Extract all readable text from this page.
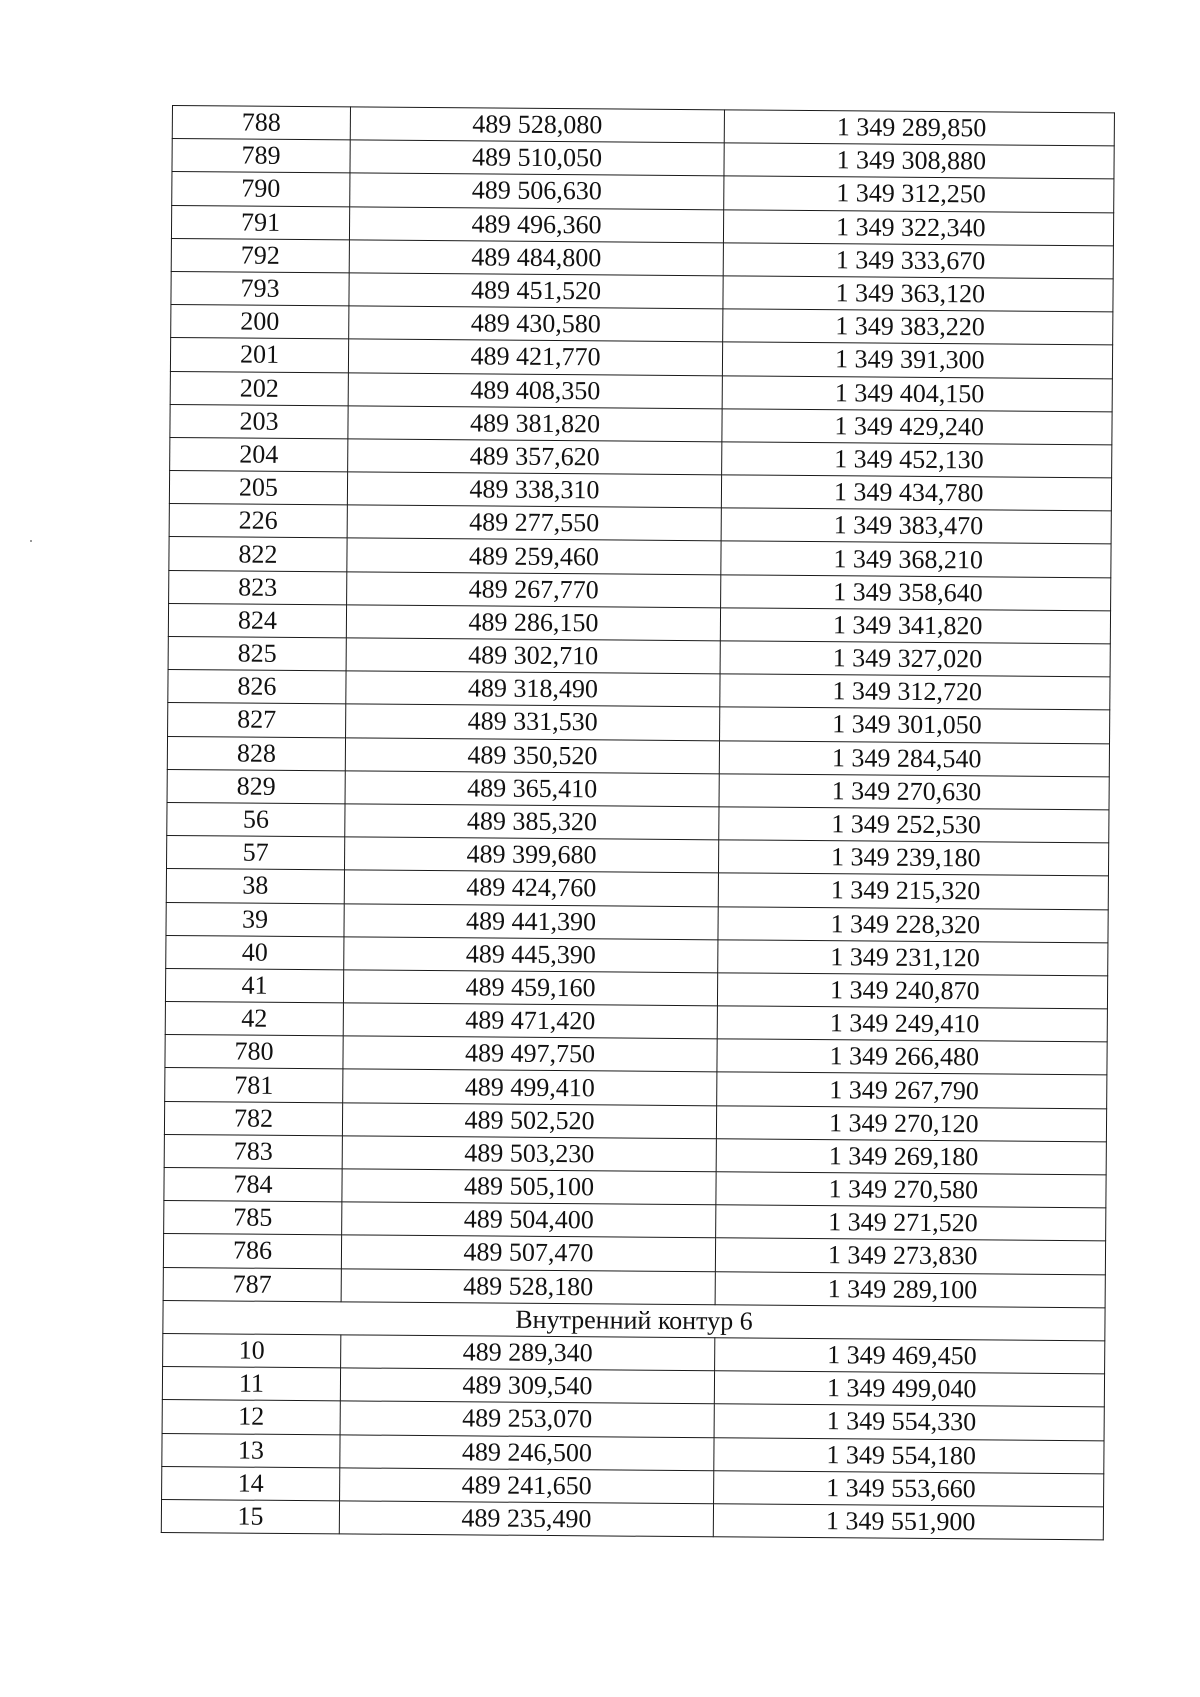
788	489 528,080	1 349 289,850
789	489 510,050	1 349 308,880
790	489 506,630	1 349 312,250
791	489 496,360	1 349 322,340
792	489 484,800	1 349 333,670
793	489 451,520	1 349 363,120
200	489 430,580	1 349 383,220
201	489 421,770	1 349 391,300
202	489 408,350	1 349 404,150
203	489 381,820	1 349 429,240
204	489 357,620	1 349 452,130
205	489 338,310	1 349 434,780
226	489 277,550	1 349 383,470
822	489 259,460	1 349 368,210
823	489 267,770	1 349 358,640
824	489 286,150	1 349 341,820
825	489 302,710	1 349 327,020
826	489 318,490	1 349 312,720
827	489 331,530	1 349 301,050
828	489 350,520	1 349 284,540
829	489 365,410	1 349 270,630
56	489 385,320	1 349 252,530
57	489 399,680	1 349 239,180
38	489 424,760	1 349 215,320
39	489 441,390	1 349 228,320
40	489 445,390	1 349 231,120
41	489 459,160	1 349 240,870
42	489 471,420	1 349 249,410
780	489 497,750	1 349 266,480
781	489 499,410	1 349 267,790
782	489 502,520	1 349 270,120
783	489 503,230	1 349 269,180
784	489 505,100	1 349 270,580
785	489 504,400	1 349 271,520
786	489 507,470	1 349 273,830
787	489 528,180	1 349 289,100
Внутренний контур 6		
10	489 289,340	1 349 469,450
11	489 309,540	1 349 499,040
12	489 253,070	1 349 554,330
13	489 246,500	1 349 554,180
14	489 241,650	1 349 553,660
15	489 235,490	1 349 551,900
